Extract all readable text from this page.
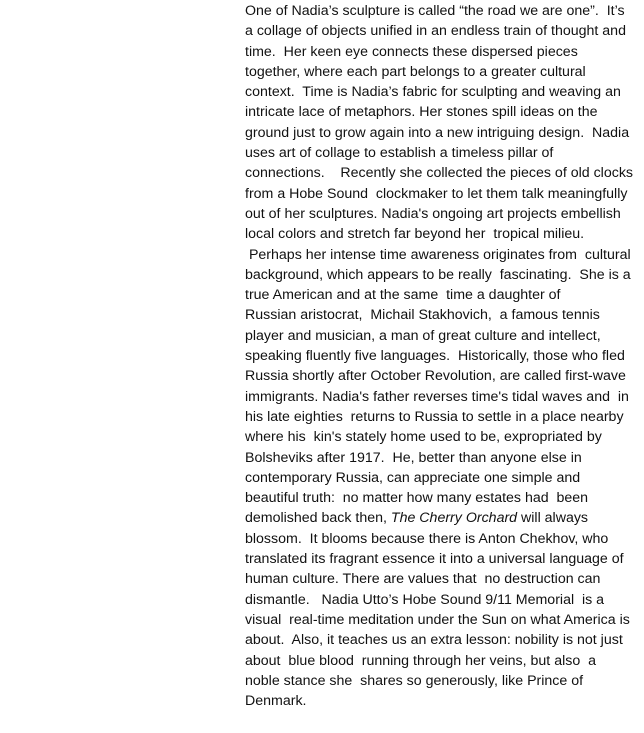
One of Nadia’s sculpture is called “the road we are one”.  It’s
a collage of objects unified in an endless train of thought and
time.  Her keen eye connects these dispersed pieces
together, where each part belongs to a greater cultural
context.  Time is Nadia’s fabric for sculpting and weaving an
intricate lace of metaphors. Her stones spill ideas on the
ground just to grow again into a new intriguing design.  Nadia
uses art of collage to establish a timeless pillar of
connections.    Recently she collected the pieces of old clocks
from a Hobe Sound  clockmaker to let them talk meaningfully
out of her sculptures. Nadia's ongoing art projects embellish
local colors and stretch far beyond her  tropical milieu.
Perhaps her intense time awareness originates from  cultural
background, which appears to be really  fascinating.  She is a
true American and at the same  time a daughter of
Russian aristocrat,  Michail Stakhovich,  a famous tennis
player and musician, a man of great culture and intellect,
speaking fluently five languages.  Historically, those who fled
Russia shortly after October Revolution, are called first-wave
immigrants. Nadia's father reverses time's tidal waves and  in
his late eighties  returns to Russia to settle in a place nearby
where his  kin's stately home used to be, expropriated by
Bolsheviks after 1917.  He, better than anyone else in
contemporary Russia, can appreciate one simple and
beautiful truth:  no matter how many estates had  been
demolished back then, The Cherry Orchard will always
blossom.  It blooms because there is Anton Chekhov, who
translated its fragrant essence it into a universal language of
human culture. There are values that  no destruction can
dismantle.   Nadia Utto’s Hobe Sound 9/11 Memorial  is a
visual  real-time meditation under the Sun on what America is
about.  Also, it teaches us an extra lesson: nobility is not just
about  blue blood  running through her veins, but also  a
noble stance she  shares so generously, like Prince of
Denmark.
